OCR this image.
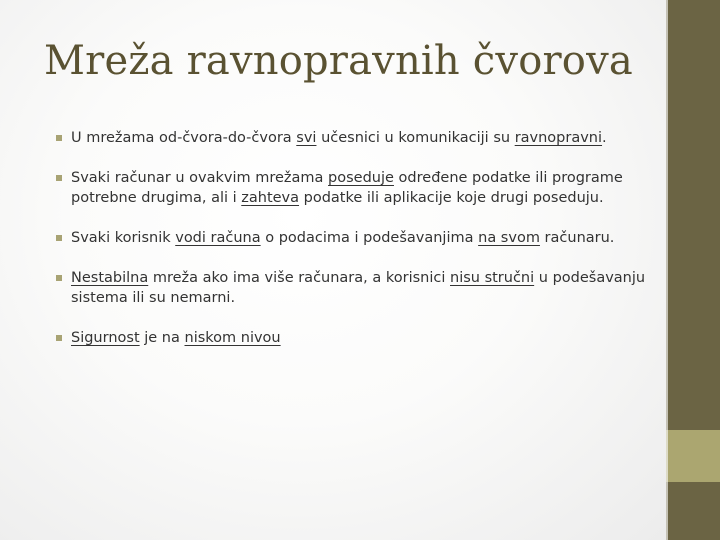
Mreža ravnopravnih čvorova
U mrežama od-čvora-do-čvora svi učesnici u komunikaciji su ravnopravni.
Svaki računar u ovakvim mrežama poseduje određene podatke ili programe potrebne drugima, ali i zahteva podatke ili aplikacije koje drugi poseduju.
Svaki korisnik vodi računa o podacima i podešavanjima na svom računaru.
Nestabilna mreža ako ima više računara, a korisnici nisu stručni u podešavanju sistema ili su nemarni.
Sigurnost je na niskom nivou
